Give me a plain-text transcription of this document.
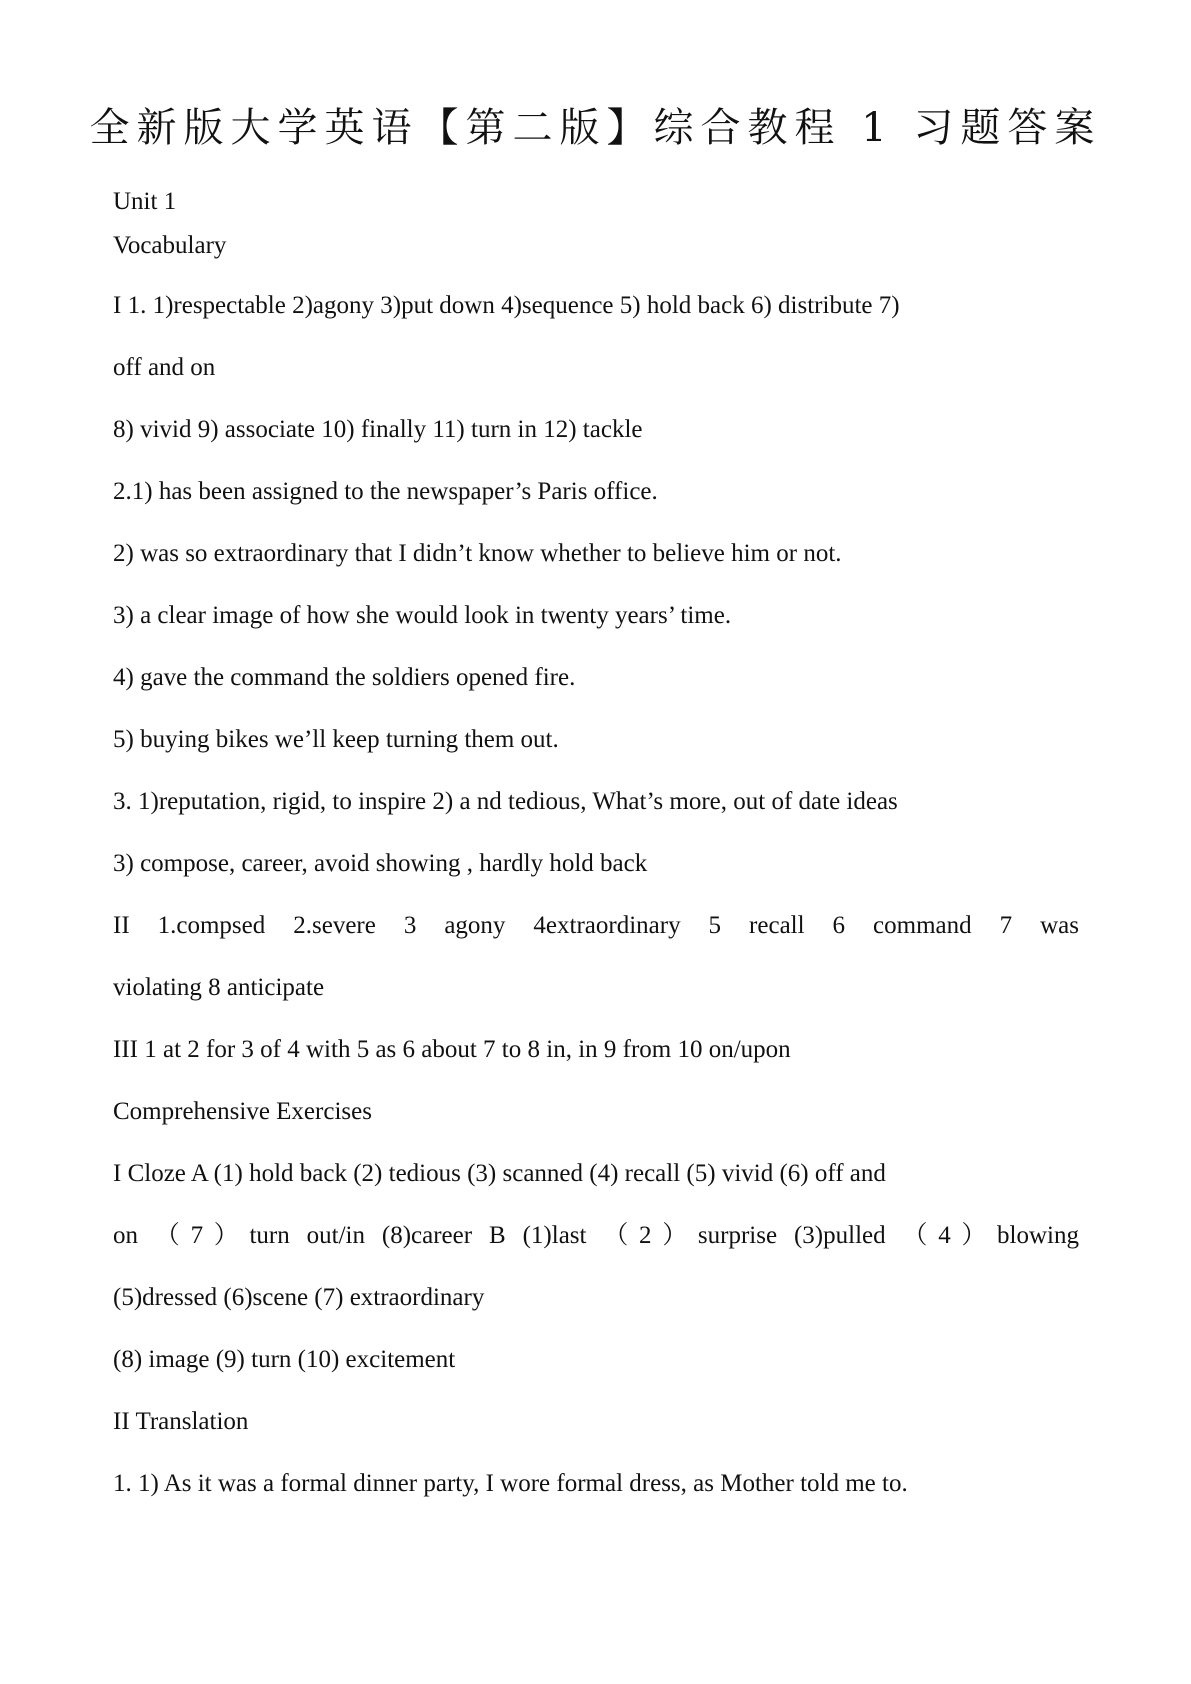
全新版大学英语【第二版】综合教程 1 习题答案

Unit 1

Vocabulary

I 1. 1)respectable 2)agony 3)put down 4)sequence 5) hold back 6) distribute 7)

off and on

8) vivid 9) associate 10) finally 11) turn in 12) tackle

2.1) has been assigned to the newspaper’s Paris office.

2) was so extraordinary that I didn’t know whether to believe him or not.

3) a clear image of how she would look in twenty years’ time.

4) gave the command the soldiers opened fire.

5) buying bikes we’ll keep turning them out.

3. 1)reputation, rigid, to inspire 2) a nd tedious, What’s more, out of date ideas

3) compose, career, avoid showing , hardly hold back

II 1.compsed 2.severe 3 agony 4extraordinary 5 recall 6 command 7 was

violating 8 anticipate

III 1 at 2 for 3 of 4 with 5 as 6 about 7 to 8 in, in 9 from 10 on/upon

Comprehensive Exercises

I Cloze A (1) hold back (2) tedious (3) scanned (4) recall (5) vivid (6) off and

on （7）turn out/in (8)career B (1)last （2）surprise (3)pulled （4）blowing

(5)dressed (6)scene (7) extraordinary

(8) image (9) turn (10) excitement

II Translation

1. 1) As it was a formal dinner party, I wore formal dress, as Mother told me to.
